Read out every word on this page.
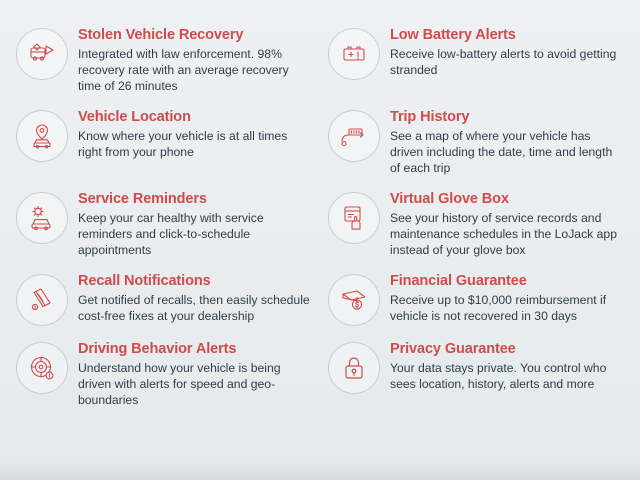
Stolen Vehicle Recovery

Integrated with law enforcement. 98% recovery rate with an average recovery time of 26 minutes

Low Battery Alerts

Receive low-battery alerts to avoid getting stranded

Vehicle Location

Know where your vehicle is at all times right from your phone

Trip History

See a map of where your vehicle has driven including the date, time and length of each trip

Service Reminders

Keep your car healthy with service reminders and click-to-schedule appointments

Virtual Glove Box

See your history of service records and maintenance schedules in the LoJack app instead of your glove box

Recall Notifications

Get notified of recalls, then easily schedule cost-free fixes at your dealership

Financial Guarantee

Receive up to $10,000 reimbursement if vehicle is not recovered in 30 days

Driving Behavior Alerts

Understand how your vehicle is being driven with alerts for speed and geo-boundaries

Privacy Guarantee

Your data stays private. You control who sees location, history, alerts and more
